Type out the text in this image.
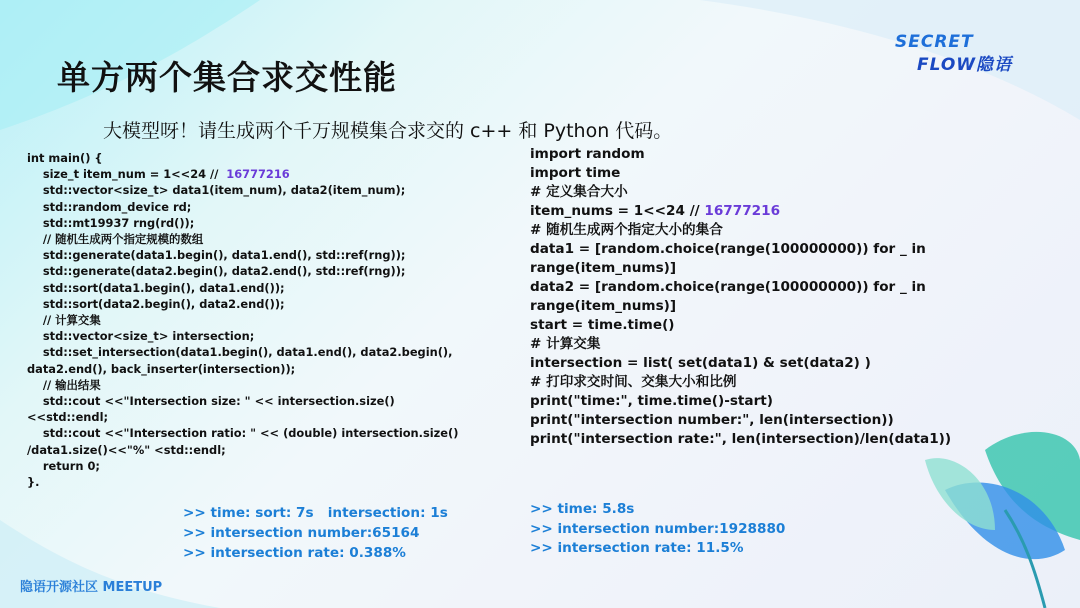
单方两个集合求交性能
SECRET
FLOW隐语
大模型呀！请生成两个千万规模集合求交的 c++ 和 Python 代码。
int main() {
size_t item_num = 1<<24 //  16777216
std::vector<size_t> data1(item_num), data2(item_num);
std::random_device rd;
std::mt19937 rng(rd());
// 随机生成两个指定规模的数组
std::generate(data1.begin(), data1.end(), std::ref(rng));
std::generate(data2.begin(), data2.end(), std::ref(rng));
std::sort(data1.begin(), data1.end());
std::sort(data2.begin(), data2.end());
// 计算交集
std::vector<size_t> intersection;
std::set_intersection(data1.begin(), data1.end(), data2.begin(),
data2.end(), back_inserter(intersection));
// 输出结果
std::cout <<"Intersection size: " << intersection.size()
<<std::endl;
std::cout <<"Intersection ratio: " << (double) intersection.size()
/data1.size()<<"%" <std::endl;
return 0;
}.
>> time: sort: 7s   intersection: 1s
>> intersection number:65164
>> intersection rate: 0.388%
import random
import time
# 定义集合大小
item_nums = 1<<24 // 16777216
# 随机生成两个指定大小的集合
data1 = [random.choice(range(100000000)) for _ in
range(item_nums)]
data2 = [random.choice(range(100000000)) for _ in
range(item_nums)]
start = time.time()
# 计算交集
intersection = list( set(data1) & set(data2) )
# 打印求交时间、交集大小和比例
print("time:", time.time()-start)
print("intersection number:", len(intersection))
print("intersection rate:", len(intersection)/len(data1))
>> time: 5.8s
>> intersection number:1928880
>> intersection rate: 11.5%
隐语开源社区 MEETUP
